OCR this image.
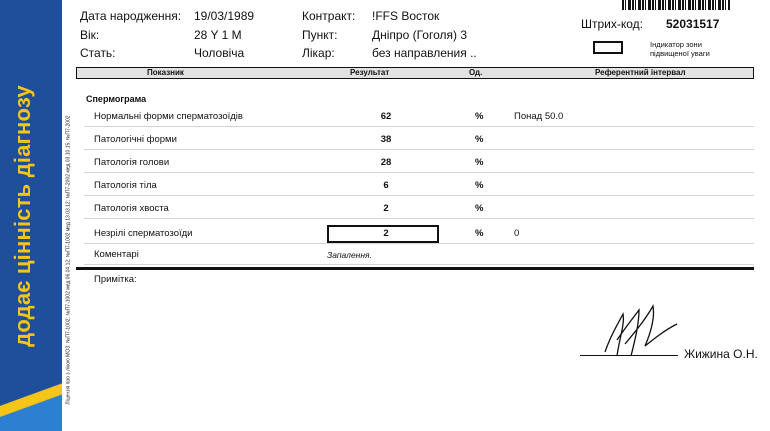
додає цінність діагнозу	Ліцензія про з лікою МОЗ: №П7-1002; №П7-1002 мед 06.04.12; №П7-1002 мед 13.03.12; №П7-2002 мед 03.10.15; №П7-2002
Дата народження: 19/03/1989
Вік:	28 Y 1 M
Стать:	Чоловіча
Контракт: !FFS Восток
Пункт:	Дніпро (Гоголя) 3
Лікар:	без направления ..
Штрих-код: 52031517
Індикатор зони підвищеної уваги
Показник	Результат	Од.	Референтний інтервал
Спермограма
Нормальні форми сперматозоїдів	62	%	Понад 50.0
Патологічні форми	38	%
Патологія голови	28	%
Патологія тіла	6	%
Патологія хвоста	2	%
Незрілі сперматозоїди	2	%	0
Коментарі	Запалення.
Примітка:
Жижина О.Н.
